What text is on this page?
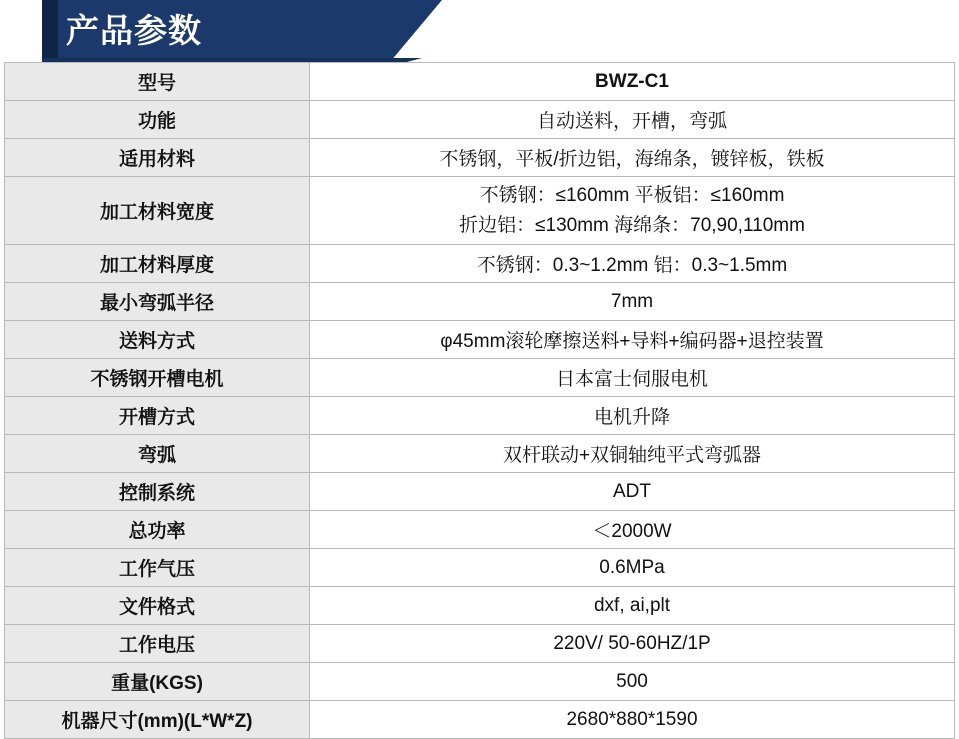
产品参数
型号	BWZ-C1
功能	自动送料，开槽，弯弧
适用材料	不锈钢，平板/折边铝，海绵条，镀锌板，铁板
加工材料宽度	不锈钢：≤160mm 平板铝：≤160mm
折边铝：≤130mm 海绵条：70,90,110mm

加工材料厚度	不锈钢：0.3~1.2mm 铝：0.3~1.5mm
最小弯弧半径	7mm
送料方式	φ45mm滚轮摩擦送料+导料+编码器+退控装置
不锈钢开槽电机	日本富士伺服电机
开槽方式	电机升降
弯弧	双杆联动+双铜轴纯平式弯弧器
控制系统	ADT
总功率	＜2000W
工作气压	0.6MPa
文件格式	dxf, ai,plt
工作电压	220V/ 50-60HZ/1P
重量(KGS)	500
机器尺寸(mm)(L*W*Z)	2680*880*1590
